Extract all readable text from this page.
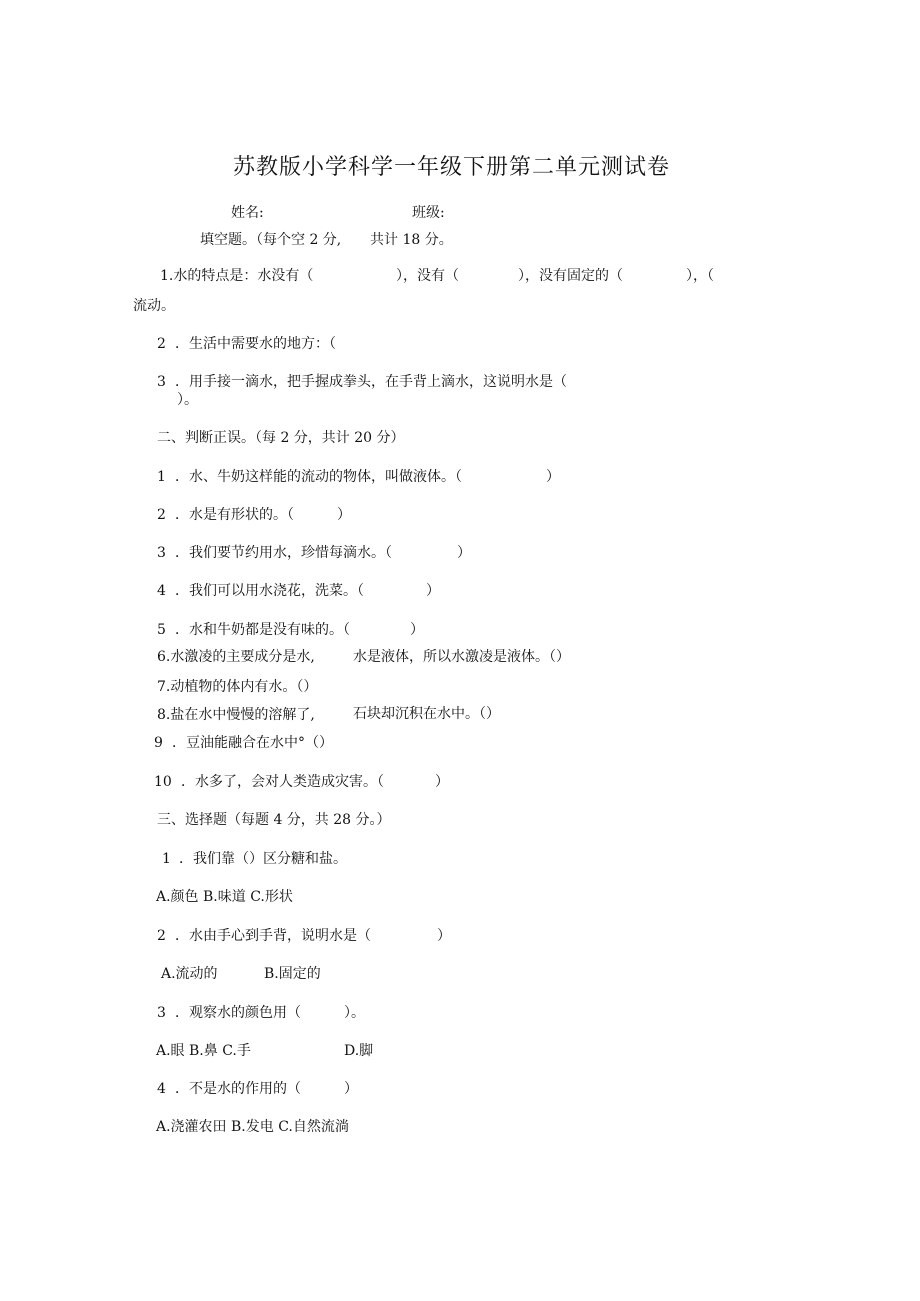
苏教版小学科学一年级下册第二单元测试卷
姓名:	班级:
填空题。（每个空 2 分, 共计 18 分。
1.水的特点是：水没有（	），没有（	），没有固定的（	），（
流动。
2 ．生活中需要水的地方：（
3 ．用手接一滴水，把手握成拳头，在手背上滴水，这说明水是（
）。
二、判断正误。（每 2 分，共计 20 分）
1 ．水、牛奶这样能的流动的物体，叫做液体。（	）
2 ．水是有形状的。（	）
3 ．我们要节约用水，珍惜每滴水。（	）
4 ．我们可以用水浇花，洗菜。（	）
5 ．水和牛奶都是没有味的。（	）
6.水激凌的主要成分是水,	水是液体，所以水激凌是液体。（）
7.动植物的体内有水。（）
8.盐在水中慢慢的溶解了,	石块却沉积在水中。（）
9 ．豆油能融合在水中°（）
10 ．水多了，会对人类造成灾害。（	）
三、选择题（每题 4 分，共 28 分。）
1 ．我们靠（）区分糖和盐。
A.颜色 B.味道 C.形状
2 ．水由手心到手背，说明水是（	）
A.流动的	B.固定的
3 ．观察水的颜色用（	）。
A.眼 B.鼻 C.手	D.脚
4 ．不是水的作用的（	）
A.浇灌农田 B.发电 C.自然流淌
